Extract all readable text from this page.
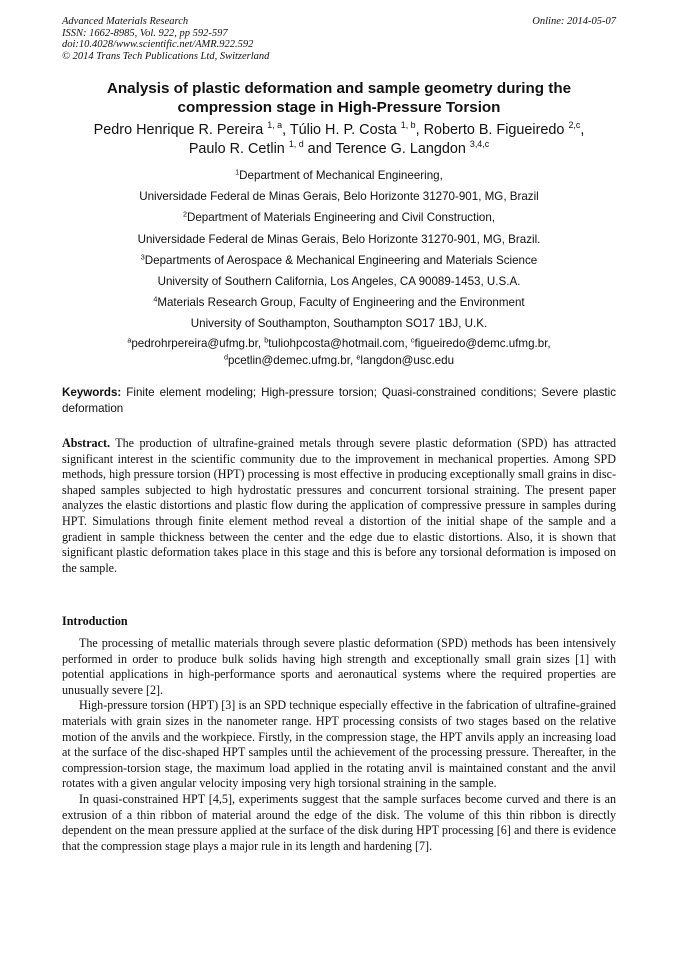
Advanced Materials Research
ISSN: 1662-8985, Vol. 922, pp 592-597
doi:10.4028/www.scientific.net/AMR.922.592
© 2014 Trans Tech Publications Ltd, Switzerland
Online: 2014-05-07
Analysis of plastic deformation and sample geometry during the
compression stage in High-Pressure Torsion
Pedro Henrique R. Pereira $^{1, a}$, Túlio H. P. Costa $^{1, b}$, Roberto B. Figueiredo $^{2,c}$,
Paulo R. Cetlin $^{1, d}$ and Terence G. Langdon $^{3,4,c}$
$^1$Department of Mechanical Engineering,
Universidade Federal de Minas Gerais, Belo Horizonte 31270-901, MG, Brazil
$^2$Department of Materials Engineering and Civil Construction,
Universidade Federal de Minas Gerais, Belo Horizonte 31270-901, MG, Brazil.
$^3$Departments of Aerospace & Mechanical Engineering and Materials Science
University of Southern California, Los Angeles, CA 90089-1453, U.S.A.
$^4$Materials Research Group, Faculty of Engineering and the Environment
University of Southampton, Southampton SO17 1BJ, U.K.
$^a$pedrohrpereira@ufmg.br, $^b$tuliohpcosta@hotmail.com, $^c$figueiredo@demc.ufmg.br,
$^d$pcetlin@demec.ufmg.br, $^e$langdon@usc.edu
Keywords: Finite element modeling; High-pressure torsion; Quasi-constrained conditions; Severe plastic deformation
Abstract. The production of ultrafine-grained metals through severe plastic deformation (SPD) has attracted significant interest in the scientific community due to the improvement in mechanical properties. Among SPD methods, high pressure torsion (HPT) processing is most effective in producing exceptionally small grains in disc-shaped samples subjected to high hydrostatic pressures and concurrent torsional straining. The present paper analyzes the elastic distortions and plastic flow during the application of compressive pressure in samples during HPT. Simulations through finite element method reveal a distortion of the initial shape of the sample and a gradient in sample thickness between the center and the edge due to elastic distortions. Also, it is shown that significant plastic deformation takes place in this stage and this is before any torsional deformation is imposed on the sample.
Introduction

The processing of metallic materials through severe plastic deformation (SPD) methods has been intensively performed in order to produce bulk solids having high strength and exceptionally small grain sizes [1] with potential applications in high-performance sports and aeronautical systems where the required properties are unusually severe [2].

High-pressure torsion (HPT) [3] is an SPD technique especially effective in the fabrication of ultrafine-grained materials with grain sizes in the nanometer range. HPT processing consists of two stages based on the relative motion of the anvils and the workpiece. Firstly, in the compression stage, the HPT anvils apply an increasing load at the surface of the disc-shaped HPT samples until the achievement of the processing pressure. Thereafter, in the compression-torsion stage, the maximum load applied in the rotating anvil is maintained constant and the anvil rotates with a given angular velocity imposing very high torsional straining in the sample.

In quasi-constrained HPT [4,5], experiments suggest that the sample surfaces become curved and there is an extrusion of a thin ribbon of material around the edge of the disk. The volume of this thin ribbon is directly dependent on the mean pressure applied at the surface of the disk during HPT processing [6] and there is evidence that the compression stage plays a major rule in its length and hardening [7].
